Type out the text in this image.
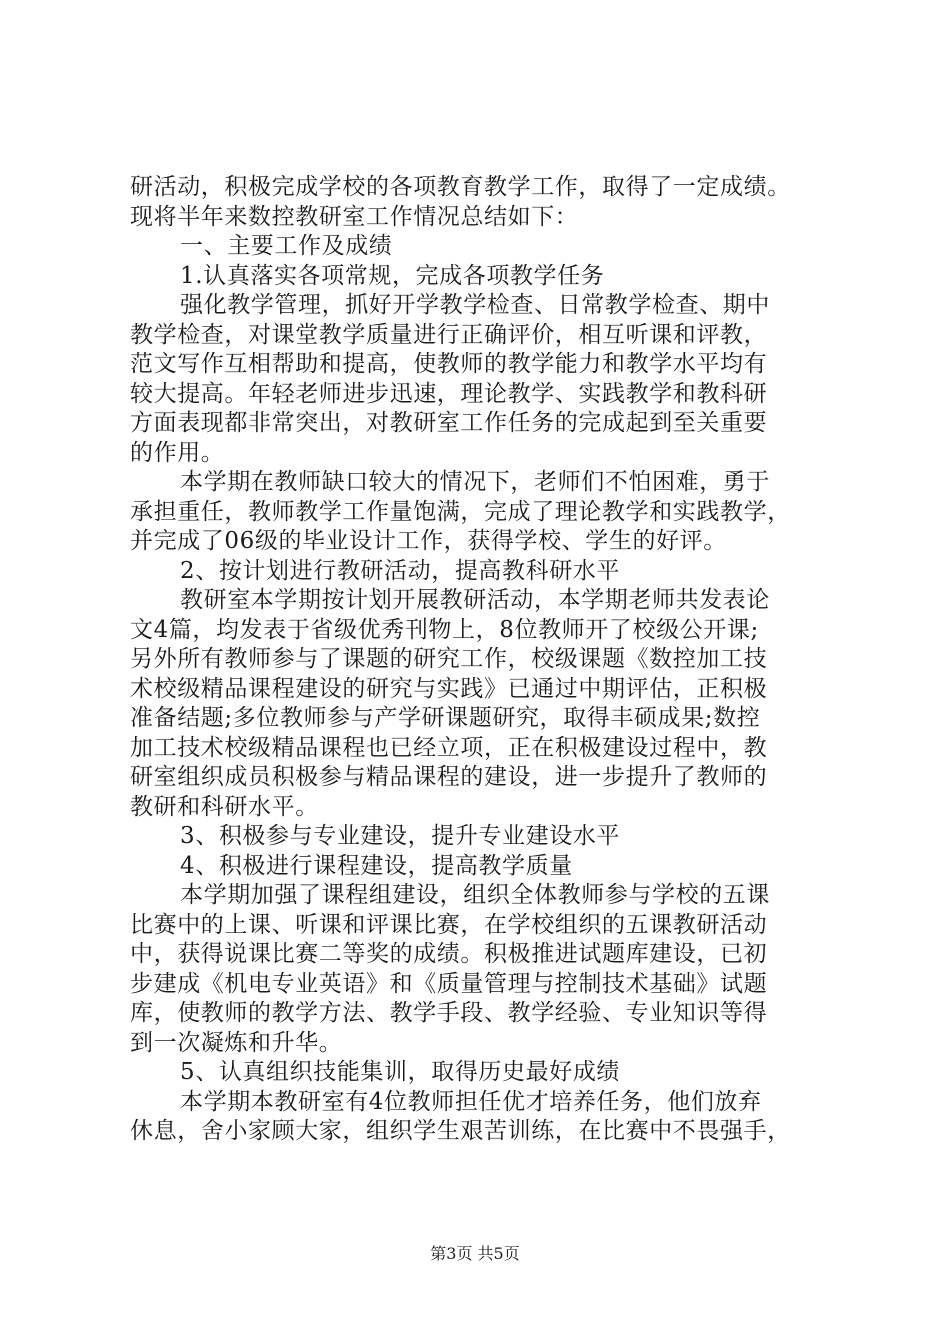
研活动，积极完成学校的各项教育教学工作，取得了一定成绩。
现将半年来数控教研室工作情况总结如下：
一、主要工作及成绩
1.认真落实各项常规，完成各项教学任务
强化教学管理，抓好开学教学检查、日常教学检查、期中
教学检查，对课堂教学质量进行正确评价，相互听课和评教，
范文写作互相帮助和提高，使教师的教学能力和教学水平均有
较大提高。年轻老师进步迅速，理论教学、实践教学和教科研
方面表现都非常突出，对教研室工作任务的完成起到至关重要
的作用。
本学期在教师缺口较大的情况下，老师们不怕困难，勇于
承担重任，教师教学工作量饱满，完成了理论教学和实践教学，
并完成了06级的毕业设计工作，获得学校、学生的好评。
2、按计划进行教研活动，提高教科研水平
教研室本学期按计划开展教研活动，本学期老师共发表论
文4篇，均发表于省级优秀刊物上，8位教师开了校级公开课;
另外所有教师参与了课题的研究工作，校级课题《数控加工技
术校级精品课程建设的研究与实践》已通过中期评估，正积极
准备结题;多位教师参与产学研课题研究，取得丰硕成果;数控
加工技术校级精品课程也已经立项，正在积极建设过程中，教
研室组织成员积极参与精品课程的建设，进一步提升了教师的
教研和科研水平。
3、积极参与专业建设，提升专业建设水平
4、积极进行课程建设，提高教学质量
本学期加强了课程组建设，组织全体教师参与学校的五课
比赛中的上课、听课和评课比赛，在学校组织的五课教研活动
中，获得说课比赛二等奖的成绩。积极推进试题库建设，已初
步建成《机电专业英语》和《质量管理与控制技术基础》试题
库，使教师的教学方法、教学手段、教学经验、专业知识等得
到一次凝炼和升华。
5、认真组织技能集训，取得历史最好成绩
本学期本教研室有4位教师担任优才培养任务，他们放弃
休息，舍小家顾大家，组织学生艰苦训练，在比赛中不畏强手，
第3页 共5页
